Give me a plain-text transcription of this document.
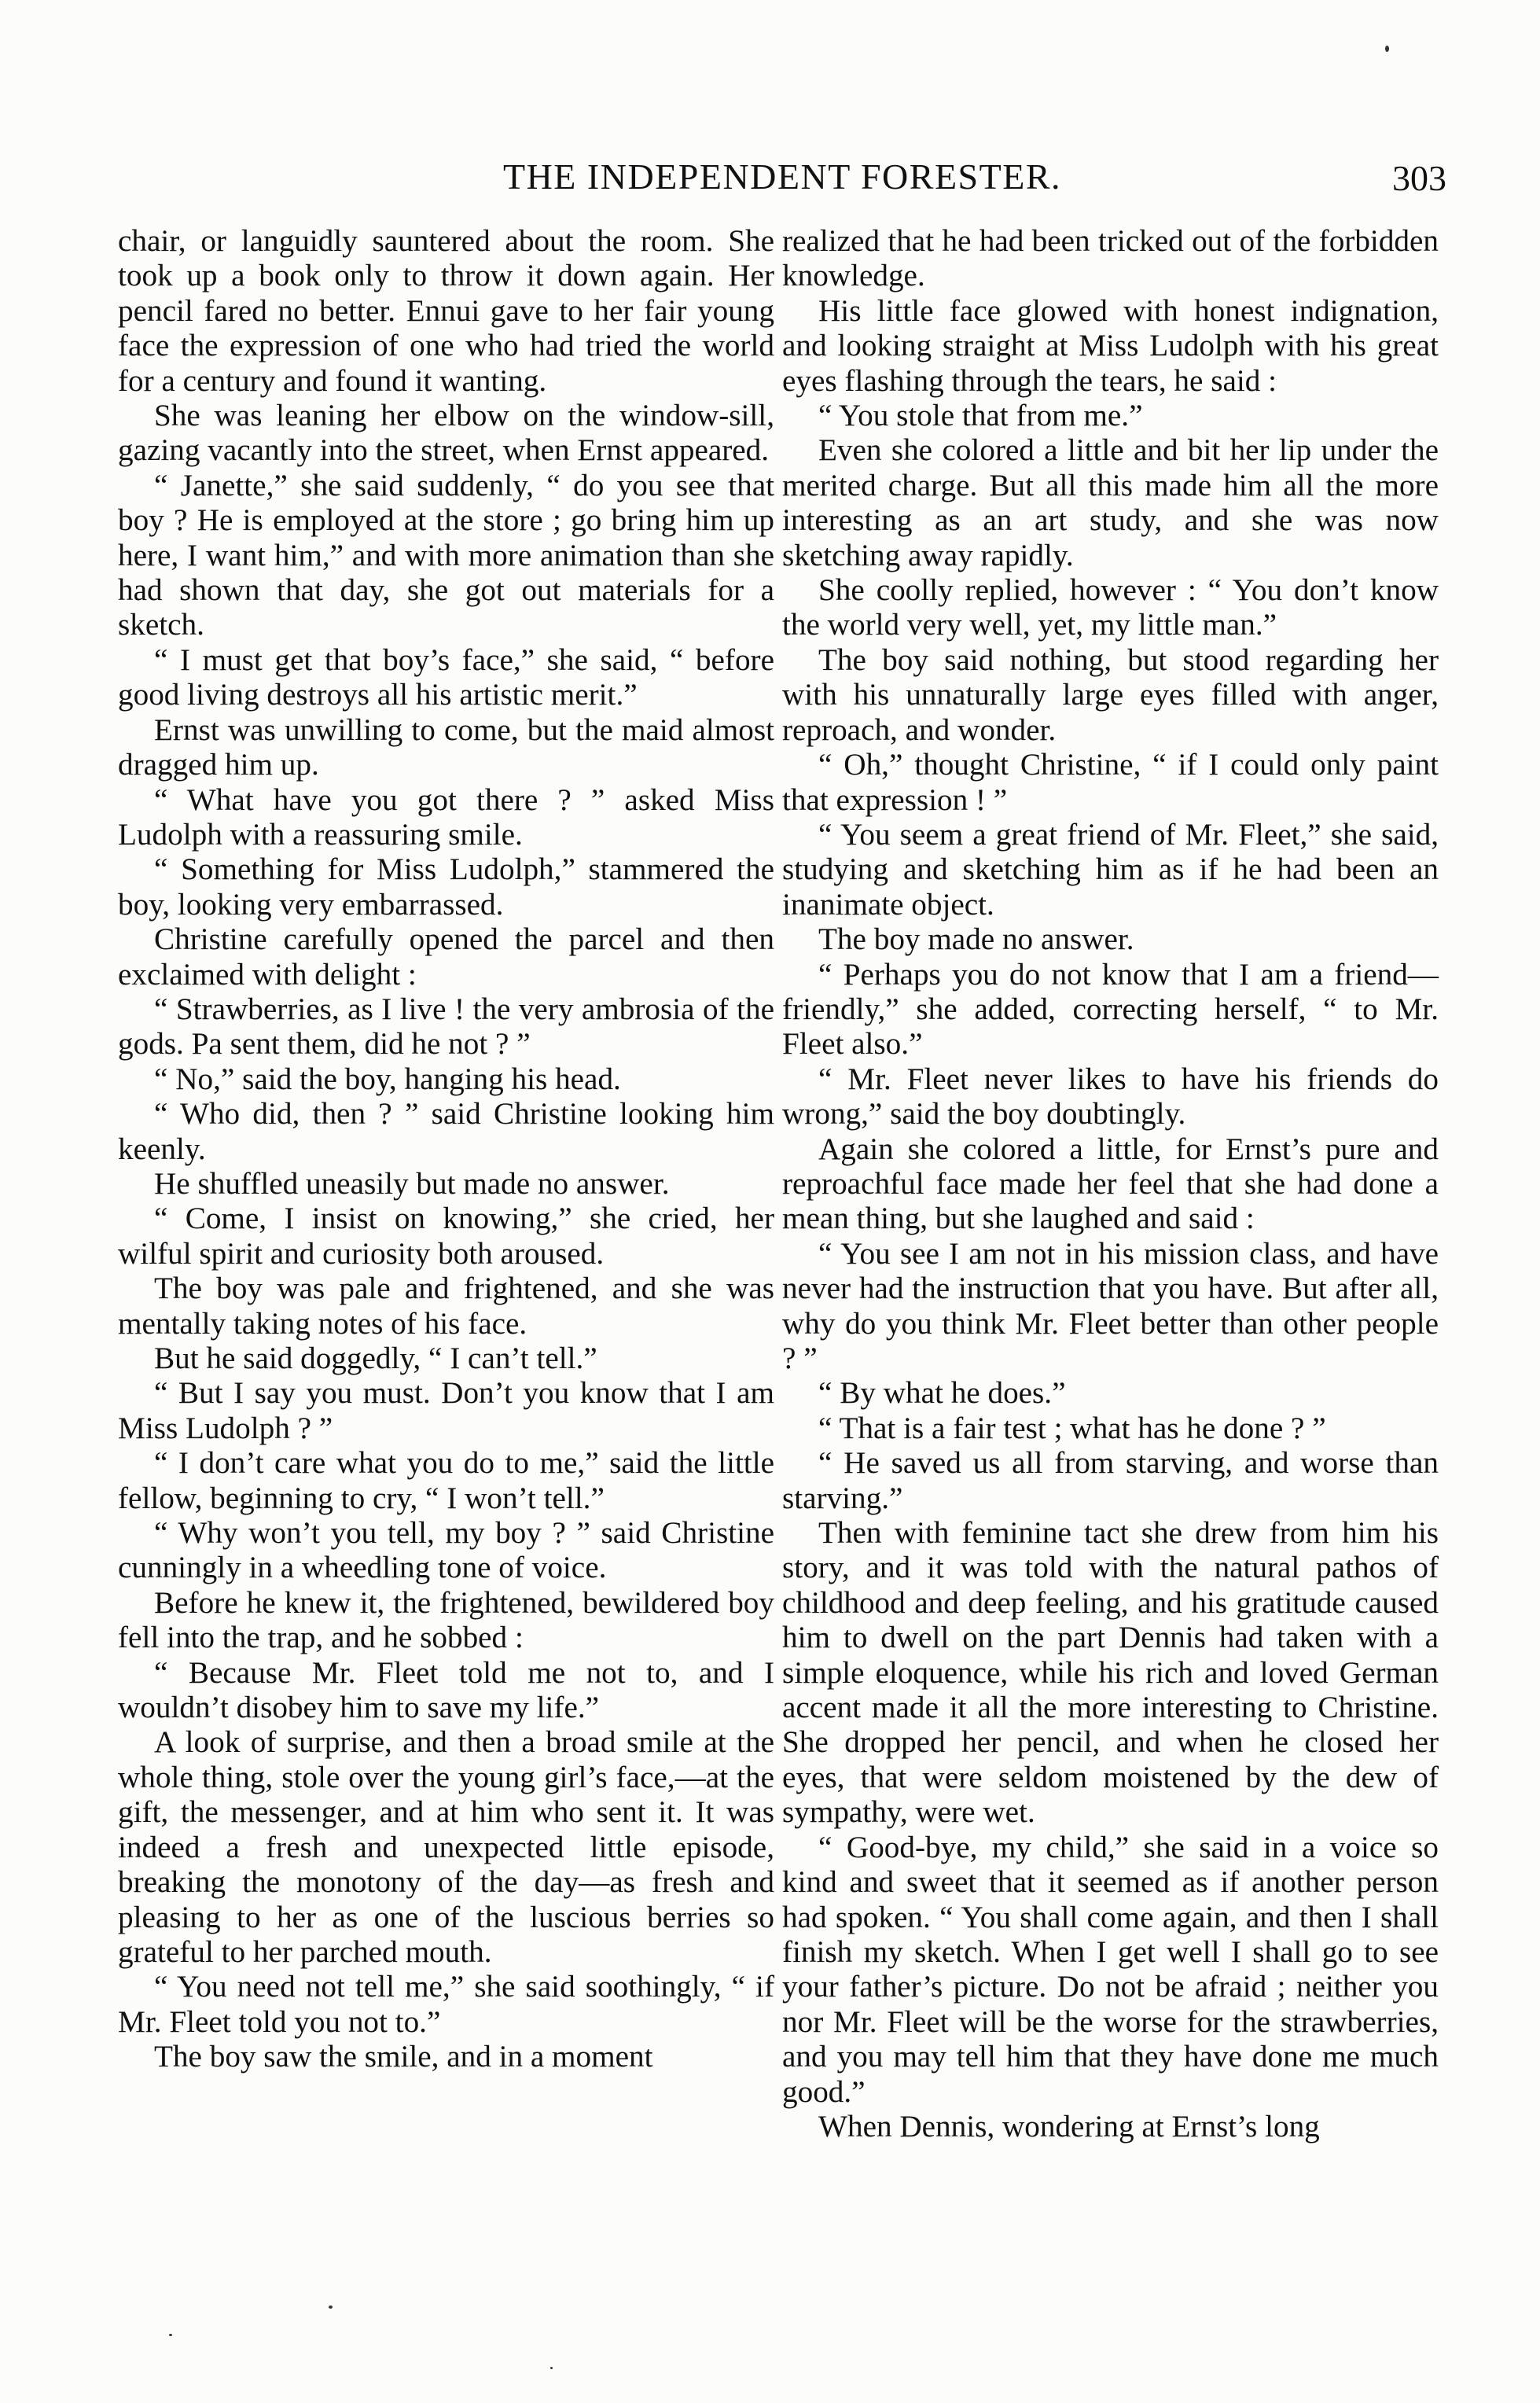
THE INDEPENDENT FORESTER.	303

chair, or languidly sauntered about the room. She took up a book only to throw it down again. Her pencil fared no better. Ennui gave to her fair young face the expression of one who had tried the world for a century and found it wanting.

She was leaning her elbow on the window-sill, gazing vacantly into the street, when Ernst appeared.

“ Janette,” she said suddenly, “ do you see that boy ? He is employed at the store ; go bring him up here, I want him,” and with more animation than she had shown that day, she got out materials for a sketch.

“ I must get that boy’s face,” she said, “ before good living destroys all his artistic merit.”

Ernst was unwilling to come, but the maid almost dragged him up.

“ What have you got there ? ” asked Miss Ludolph with a reassuring smile.

“ Something for Miss Ludolph,” stammered the boy, looking very embarrassed.

Christine carefully opened the parcel and then exclaimed with delight :

“ Strawberries, as I live ! the very ambrosia of the gods. Pa sent them, did he not ? ”

“ No,” said the boy, hanging his head.

“ Who did, then ? ” said Christine looking him keenly.

He shuffled uneasily but made no answer.

“ Come, I insist on knowing,” she cried, her wilful spirit and curiosity both aroused.

The boy was pale and frightened, and she was mentally taking notes of his face.

But he said doggedly, “ I can’t tell.”

“ But I say you must. Don’t you know that I am Miss Ludolph ? ”

“ I don’t care what you do to me,” said the little fellow, beginning to cry, “ I won’t tell.”

“ Why won’t you tell, my boy ? ” said Christine cunningly in a wheedling tone of voice.

Before he knew it, the frightened, bewildered boy fell into the trap, and he sobbed :

“ Because Mr. Fleet told me not to, and I wouldn’t disobey him to save my life.”

A look of surprise, and then a broad smile at the whole thing, stole over the young girl’s face,—at the gift, the messenger, and at him who sent it. It was indeed a fresh and unexpected little episode, breaking the monotony of the day—as fresh and pleasing to her as one of the luscious berries so grateful to her parched mouth.

“ You need not tell me,” she said soothingly, “ if Mr. Fleet told you not to.”

The boy saw the smile, and in a moment

realized that he had been tricked out of the forbidden knowledge.

His little face glowed with honest indignation, and looking straight at Miss Ludolph with his great eyes flashing through the tears, he said :

“ You stole that from me.”

Even she colored a little and bit her lip under the merited charge. But all this made him all the more interesting as an art study, and she was now sketching away rapidly.

She coolly replied, however : “ You don’t know the world very well, yet, my little man.”

The boy said nothing, but stood regarding her with his unnaturally large eyes filled with anger, reproach, and wonder.

“ Oh,” thought Christine, “ if I could only paint that expression ! ”

“ You seem a great friend of Mr. Fleet,” she said, studying and sketching him as if he had been an inanimate object.

The boy made no answer.

“ Perhaps you do not know that I am a friend—friendly,” she added, correcting herself, “ to Mr. Fleet also.”

“ Mr. Fleet never likes to have his friends do wrong,” said the boy doubtingly.

Again she colored a little, for Ernst’s pure and reproachful face made her feel that she had done a mean thing, but she laughed and said :

“ You see I am not in his mission class, and have never had the instruction that you have. But after all, why do you think Mr. Fleet better than other people ? ”

“ By what he does.”

“ That is a fair test ; what has he done ? ”

“ He saved us all from starving, and worse than starving.”

Then with feminine tact she drew from him his story, and it was told with the natural pathos of childhood and deep feeling, and his gratitude caused him to dwell on the part Dennis had taken with a simple eloquence, while his rich and loved German accent made it all the more interesting to Christine. She dropped her pencil, and when he closed her eyes, that were seldom moistened by the dew of sympathy, were wet.

“ Good-bye, my child,” she said in a voice so kind and sweet that it seemed as if another person had spoken. “ You shall come again, and then I shall finish my sketch. When I get well I shall go to see your father’s picture. Do not be afraid ; neither you nor Mr. Fleet will be the worse for the strawberries, and you may tell him that they have done me much good.”

When Dennis, wondering at Ernst’s long
